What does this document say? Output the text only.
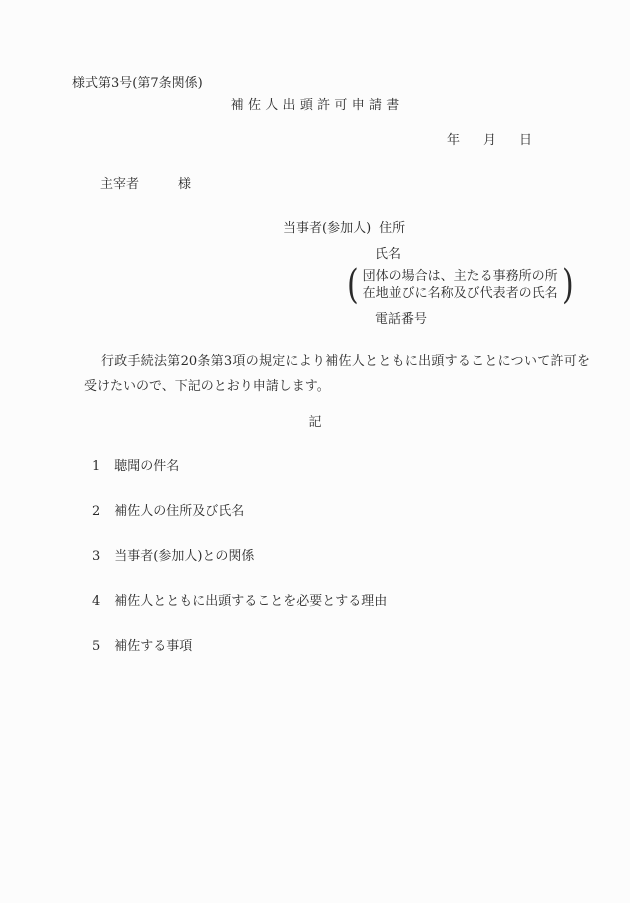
様式第3号(第7条関係)
補佐人出頭許可申請書
年 月 日
主宰者	様
当事者(参加人) 住所
氏名
( 団体の場合は、主たる事務所の所
在地並びに名称及び代表者の氏名 )
電話番号
行政手続法第20条第3項の規定により補佐人とともに出頭することについて許可を受けたいので、下記のとおり申請します。
記
1 聴聞の件名
2 補佐人の住所及び氏名
3 当事者(参加人)との関係
4 補佐人とともに出頭することを必要とする理由
5 補佐する事項
